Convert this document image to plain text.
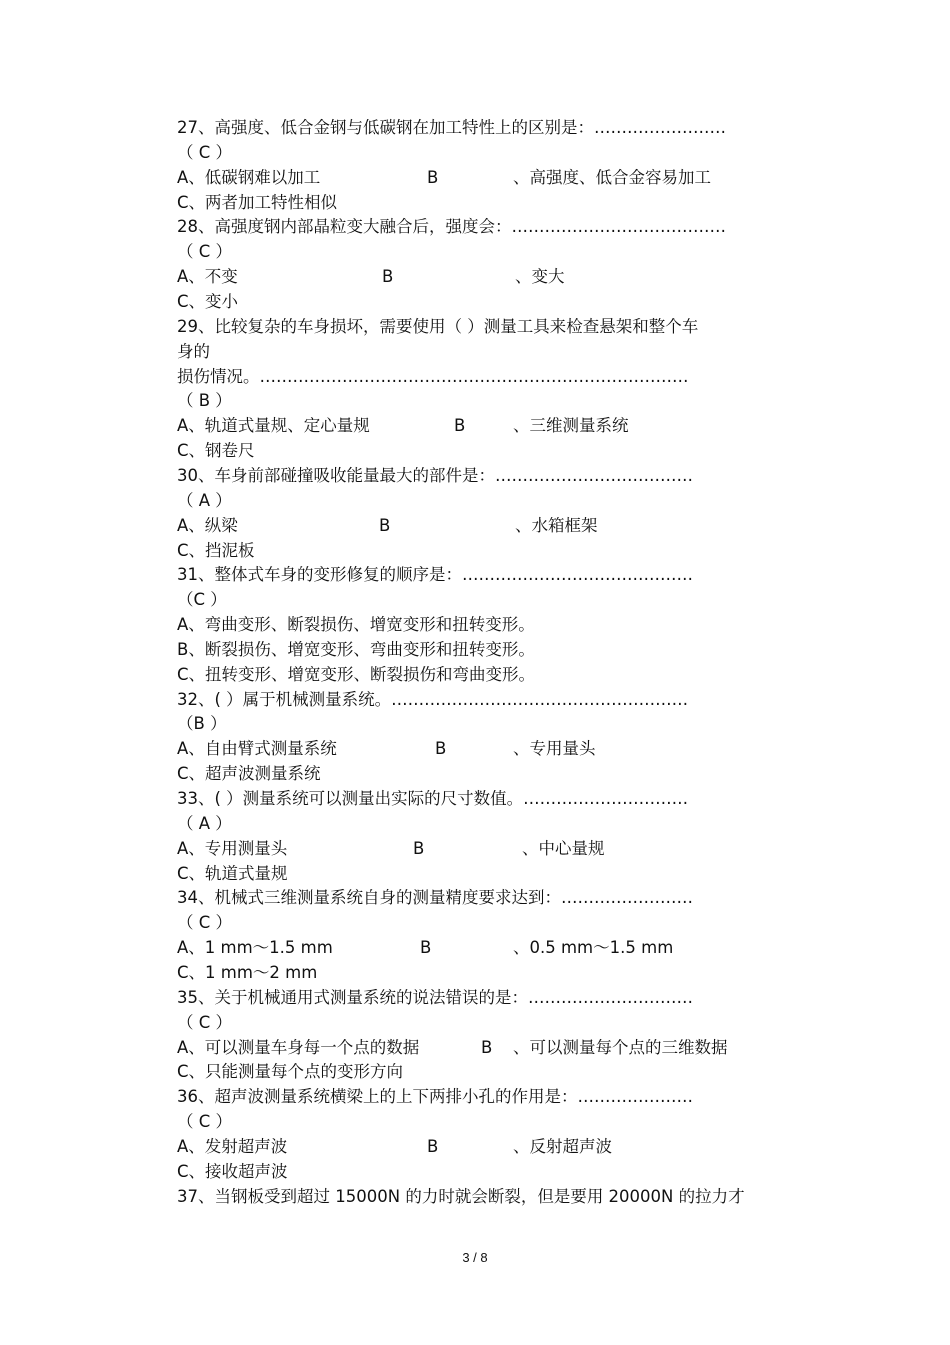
27、高强度、低合金钢与低碳钢在加工特性上的区别是：……………………
（ C ）
A、低碳钢难以加工	B	、高强度、低合金容易加工
C、两者加工特性相似
28、高强度钢内部晶粒变大融合后，强度会：…………………………………
（ C ）
A、不变	B	、变大
C、变小
29、比较复杂的车身损坏，需要使用（ ）测量工具来检查悬架和整个车
身的
损伤情况。……………………………………………………………………
（ B ）
A、轨道式量规、定心量规	B	、三维测量系统
C、钢卷尺
30、车身前部碰撞吸收能量最大的部件是：………………………………
（ A ）
A、纵梁	B	、水箱框架
C、挡泥板
31、整体式车身的变形修复的顺序是：……………………………………
（C ）
A、弯曲变形、断裂损伤、增宽变形和扭转变形。
B、断裂损伤、增宽变形、弯曲变形和扭转变形。
C、扭转变形、增宽变形、断裂损伤和弯曲变形。
32、( ）属于机械测量系统。………………………………………………
（B ）
A、自由臂式测量系统	B	、专用量头
C、超声波测量系统
33、( ）测量系统可以测量出实际的尺寸数值。…………………………
（ A ）
A、专用测量头	B	、中心量规
C、轨道式量规
34、机械式三维测量系统自身的测量精度要求达到：……………………
（ C ）
A、1 mm～1.5 mm	B	、0.5 mm～1.5 mm
C、1 mm～2 mm
35、关于机械通用式测量系统的说法错误的是：…………………………
（ C ）
A、可以测量车身每一个点的数据	B 、可以测量每个点的三维数据
C、只能测量每个点的变形方向
36、超声波测量系统横梁上的上下两排小孔的作用是：…………………
（ C ）
A、发射超声波	B	、反射超声波
C、接收超声波
37、当钢板受到超过 15000N 的力时就会断裂，但是要用 20000N 的拉力才
3 / 8
